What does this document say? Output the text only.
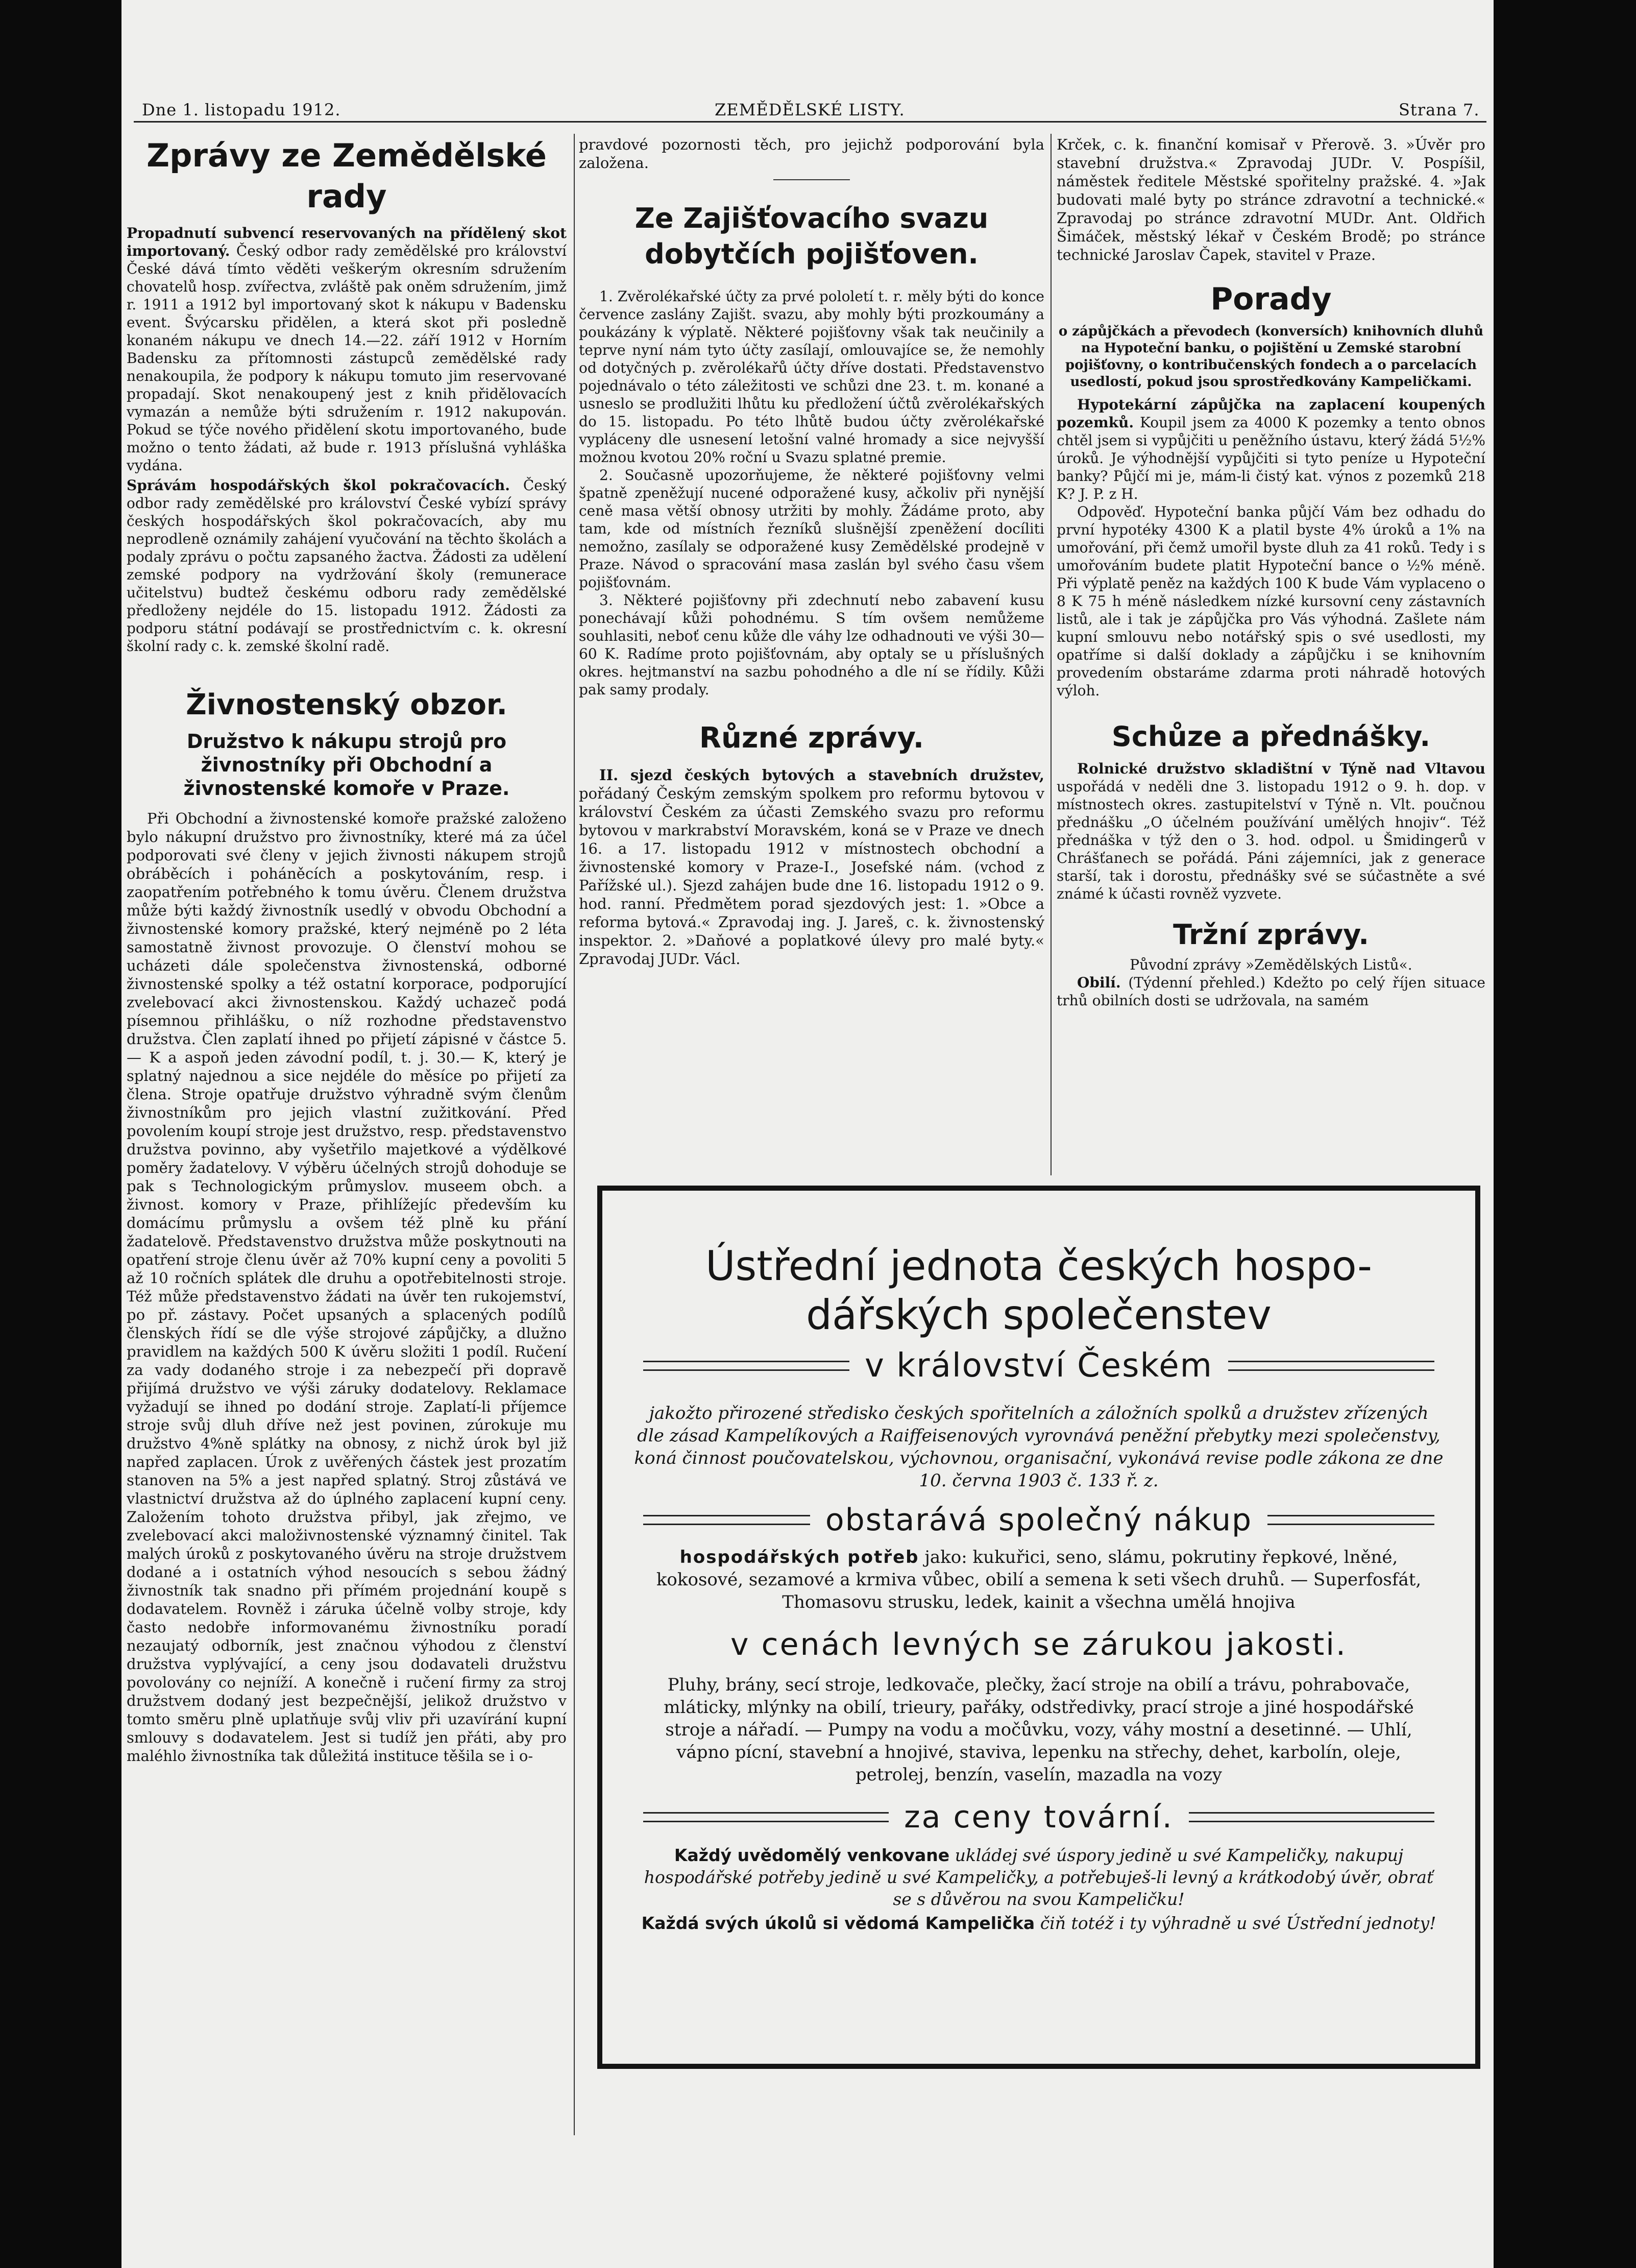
Dne 1. listopadu 1912.	ZEMĚDĚLSKÉ LISTY.	Strana 7.
Zprávy ze Zemědělské rady

Propadnutí subvencí reservovaných na přídělený skot importovaný. Český odbor rady zemědělské pro království České dává tímto věděti veškerým okresním sdružením chovatelů hosp. zvířectva, zvláště pak oněm sdružením, jimž r. 1911 a 1912 byl importovaný skot k nákupu v Badensku event. Švýcarsku přidělen, a která skot při posledně konaném nákupu ve dnech 14.—22. září 1912 v Horním Badensku za přítomnosti zástupců zemědělské rady nenakoupila, že podpory k nákupu tomuto jim reservované propadají. Skot nenakoupený jest z knih přidělovacích vymazán a nemůže býti sdružením r. 1912 nakupován. Pokud se týče nového přidělení skotu importovaného, bude možno o tento žádati, až bude r. 1913 příslušná vyhláška vydána.

Správám hospodářských škol pokračovacích. Český odbor rady zemědělské pro království České vybízí správy českých hospodářských škol pokračovacích, aby mu neprodleně oznámily zahájení vyučování na těchto školách a podaly zprávu o počtu zapsaného žactva. Žádosti za udělení zemské podpory na vydržování školy (remunerace učitelstvu) budtež českému odboru rady zemědělské předloženy nejdéle do 15. listopadu 1912. Žádosti za podporu státní podávají se prostřednictvím c. k. okresní školní rady c. k. zemské školní radě.

Živnostenský obzor.
Družstvo k nákupu strojů pro živnostníky při Obchodní a živnostenské komoře v Praze.

Při Obchodní a živnostenské komoře pražské založeno bylo nákupní družstvo pro živnostníky, které má za účel podporovati své členy v jejich živnosti nákupem strojů obráběcích i poháněcích a poskytováním, resp. i zaopatřením potřebného k tomu úvěru. Členem družstva může býti každý živnostník usedlý v obvodu Obchodní a živnostenské komory pražské, který nejméně po 2 léta samostatně živnost provozuje. O členství mohou se ucházeti dále společenstva živnostenská, odborné živnostenské spolky a též ostatní korporace, podporující zvelebovací akci živnostenskou. Každý uchazeč podá písemnou přihlášku, o níž rozhodne představenstvo družstva. Člen zaplatí ihned po přijetí zápisné v částce 5.— K a aspoň jeden závodní podíl, t. j. 30.— K, který je splatný najednou a sice nejdéle do měsíce po přijetí za člena. Stroje opatřuje družstvo výhradně svým členům živnostníkům pro jejich vlastní zužitkování. Před povolením koupí stroje jest družstvo, resp. představenstvo družstva povinno, aby vyšetřilo majetkové a výdělkové poměry žadatelovy. V výběru účelných strojů dohoduje se pak s Technologickým průmyslov. museem obch. a živnost. komory v Praze, přihlížejíc především ku domácímu průmyslu a ovšem též plně ku přání žadatelově. Představenstvo družstva může poskytnouti na opatření stroje členu úvěr až 70% kupní ceny a povoliti 5 až 10 ročních splátek dle druhu a opotřebitelnosti stroje. Též může představenstvo žádati na úvěr ten rukojemství, po př. zástavy. Počet upsaných a splacených podílů členských řídí se dle výše strojové zápůjčky, a dlužno pravidlem na každých 500 K úvěru složiti 1 podíl. Ručení za vady dodaného stroje i za nebezpečí při dopravě přijímá družstvo ve výši záruky dodatelovy. Reklamace vyžadují se ihned po dodání stroje. Zaplatí-li příjemce stroje svůj dluh dříve než jest povinen, zúrokuje mu družstvo 4%ně splátky na obnosy, z nichž úrok byl již napřed zaplacen. Úrok z uvěřených částek jest prozatím stanoven na 5% a jest napřed splatný. Stroj zůstává ve vlastnictví družstva až do úplného zaplacení kupní ceny. Založením tohoto družstva přibyl, jak zřejmo, ve zvelebovací akci maloživnostenské významný činitel. Tak malých úroků z poskytovaného úvěru na stroje družstvem dodané a i ostatních výhod nesoucích s sebou žádný živnostník tak snadno při přímém projednání koupě s dodavatelem. Rovněž i záruka účelně volby stroje, kdy často nedobře informovanému živnostníku poradí nezaujatý odborník, jest značnou výhodou z členství družstva vyplývající, a ceny jsou dodavateli družstvu povolovány co nejníží. A konečně i ručení firmy za stroj družstvem dodaný jest bezpečnější, jelikož družstvo v tomto směru plně uplatňuje svůj vliv při uzavírání kupní smlouvy s dodavatelem. Jest si tudíž jen přáti, aby pro maléhlo živnostníka tak důležitá instituce těšila se i o-

pravdové pozornosti těch, pro jejichž podporování byla založena.

Ze Zajišťovacího svazu dobytčích pojišťoven.

1. Zvěrolékařské účty za prvé pololetí t. r. měly býti do konce července zaslány Zajišt. svazu, aby mohly býti prozkoumány a poukázány k výplatě. Některé pojišťovny však tak neučinily a teprve nyní nám tyto účty zasílají, omlouvajíce se, že nemohly od dotyčných p. zvěrolékařů účty dříve dostati. Představenstvo pojednávalo o této záležitosti ve schůzi dne 23. t. m. konané a usneslo se prodlužiti lhůtu ku předložení účtů zvěrolékařských do 15. listopadu. Po této lhůtě budou účty zvěrolékařské vypláceny dle usnesení letošní valné hromady a sice nejvyšší možnou kvotou 20% roční u Svazu splatné premie.

2. Současně upozorňujeme, že některé pojišťovny velmi špatně zpeněžují nucené odporažené kusy, ačkoliv při nynější ceně masa větší obnosy utržiti by mohly. Žádáme proto, aby tam, kde od místních řezníků slušnější zpeněžení docíliti nemožno, zasílaly se odporažené kusy Zemědělské prodejně v Praze. Návod o spracování masa zaslán byl svého času všem pojišťovnám.

3. Některé pojišťovny při zdechnutí nebo zabavení kusu ponechávají kůži pohodnému. S tím ovšem nemůžeme souhlasiti, neboť cenu kůže dle váhy lze odhadnouti ve výši 30—60 K. Radíme proto pojišťovnám, aby optaly se u příslušných okres. hejtmanství na sazbu pohodného a dle ní se řídily. Kůži pak samy prodaly.

Různé zprávy.

II. sjezd českých bytových a stavebních družstev, pořádaný Českým zemským spolkem pro reformu bytovou v království Českém za účasti Zemského svazu pro reformu bytovou v markrabství Moravském, koná se v Praze ve dnech 16. a 17. listopadu 1912 v místnostech obchodní a živnostenské komory v Praze-I., Josefské nám. (vchod z Pařížské ul.). Sjezd zahájen bude dne 16. listopadu 1912 o 9. hod. ranní. Předmětem porad sjezdových jest: 1. »Obce a reforma bytová.« Zpravodaj ing. J. Jareš, c. k. živnostenský inspektor. 2. »Daňové a poplatkové úlevy pro malé byty.« Zpravodaj JUDr. Václ.

Krček, c. k. finanční komisař v Přerově. 3. »Úvěr pro stavební družstva.« Zpravodaj JUDr. V. Pospíšil, náměstek ředitele Městské spořitelny pražské. 4. »Jak budovati malé byty po stránce zdravotní a technické.« Zpravodaj po stránce zdravotní MUDr. Ant. Oldřich Šimáček, městský lékař v Českém Brodě; po stránce technické Jaroslav Čapek, stavitel v Praze.

Porady

o zápůjčkách a převodech (konversích) knihovních dluhů na Hypoteční banku, o pojištění u Zemské starobní pojišťovny, o kontribučenských fondech a o parcelacích usedlostí, pokud jsou sprostředkovány Kampeličkami.

Hypotekární zápůjčka na zaplacení koupených pozemků. Koupil jsem za 4000 K pozemky a tento obnos chtěl jsem si vypůjčiti u peněžního ústavu, který žádá 5½% úroků. Je výhodnější vypůjčiti si tyto peníze u Hypoteční banky? Půjčí mi je, mám-li čistý kat. výnos z pozemků 218 K? J. P. z H.

Odpověď. Hypoteční banka půjčí Vám bez odhadu do první hypotéky 4300 K a platil byste 4% úroků a 1% na umořování, při čemž umořil byste dluh za 41 roků. Tedy i s umořováním budete platit Hypoteční bance o ½% méně. Při výplatě peněz na každých 100 K bude Vám vyplaceno o 8 K 75 h méně následkem nízké kursovní ceny zástavních listů, ale i tak je zápůjčka pro Vás výhodná. Zašlete nám kupní smlouvu nebo notářský spis o své usedlosti, my opatříme si další doklady a zápůjčku i se knihovním provedením obstaráme zdarma proti náhradě hotových výloh.

Schůze a přednášky.

Rolnické družstvo skladištní v Týně nad Vltavou uspořádá v neděli dne 3. listopadu 1912 o 9. h. dop. v místnostech okres. zastupitelství v Týně n. Vlt. poučnou přednášku „O účelném používání umělých hnojiv“. Též přednáška v týž den o 3. hod. odpol. u Šmidingerů v Chrášťanech se pořádá. Páni zájemníci, jak z generace starší, tak i dorostu, přednášky své se súčastněte a své známé k účasti rovněž vyzvete.

Tržní zprávy.

Původní zprávy »Zemědělských Listů«.

Obilí. (Týdenní přehled.) Kdežto po celý říjen situace trhů obilních dosti se udržovala, na samém

Ústřední jednota českých hospo-
dářských společenstev
v království Českém

jakožto přirozené středisko českých spořitelních a záložních spolků a družstev zřízených dle zásad Kampelíkových a Raiffeisenových vyrovnává peněžní přebytky mezi společenstvy, koná činnost poučovatelskou, výchovnou, organisační, vykonává revise podle zákona ze dne 10. června 1903 č. 133 ř. z.

obstarává společný nákup

hospodářských potřeb jako: kukuřici, seno, slámu, pokrutiny řepkové, lněné, kokosové, sezamové a krmiva vůbec, obilí a semena k seti všech druhů. — Superfosfát, Thomasovu strusku, ledek, kainit a všechna umělá hnojiva

v cenách levných se zárukou jakosti.

Pluhy, brány, secí stroje, ledkovače, plečky, žací stroje na obilí a trávu, pohrabovače, mláticky, mlýnky na obilí, trieury, pařáky, odstředivky, prací stroje a jiné hospodářské stroje a nářadí. — Pumpy na vodu a močůvku, vozy, váhy mostní a desetinné. — Uhlí, vápno pícní, stavební a hnojivé, staviva, lepenku na střechy, dehet, karbolín, oleje, petrolej, benzín, vaselín, mazadla na vozy

za ceny tovární.

Každý uvědomělý venkovane ukládej své úspory jedině u své Kampeličky, nakupuj hospodářské potřeby jedině u své Kampeličky, a potřebuješ-li levný a krátkodobý úvěr, obrať se s důvěrou na svou Kampeličku!

Každá svých úkolů si vědomá Kampelička čiň totéž i ty výhradně u své Ústřední jednoty!
